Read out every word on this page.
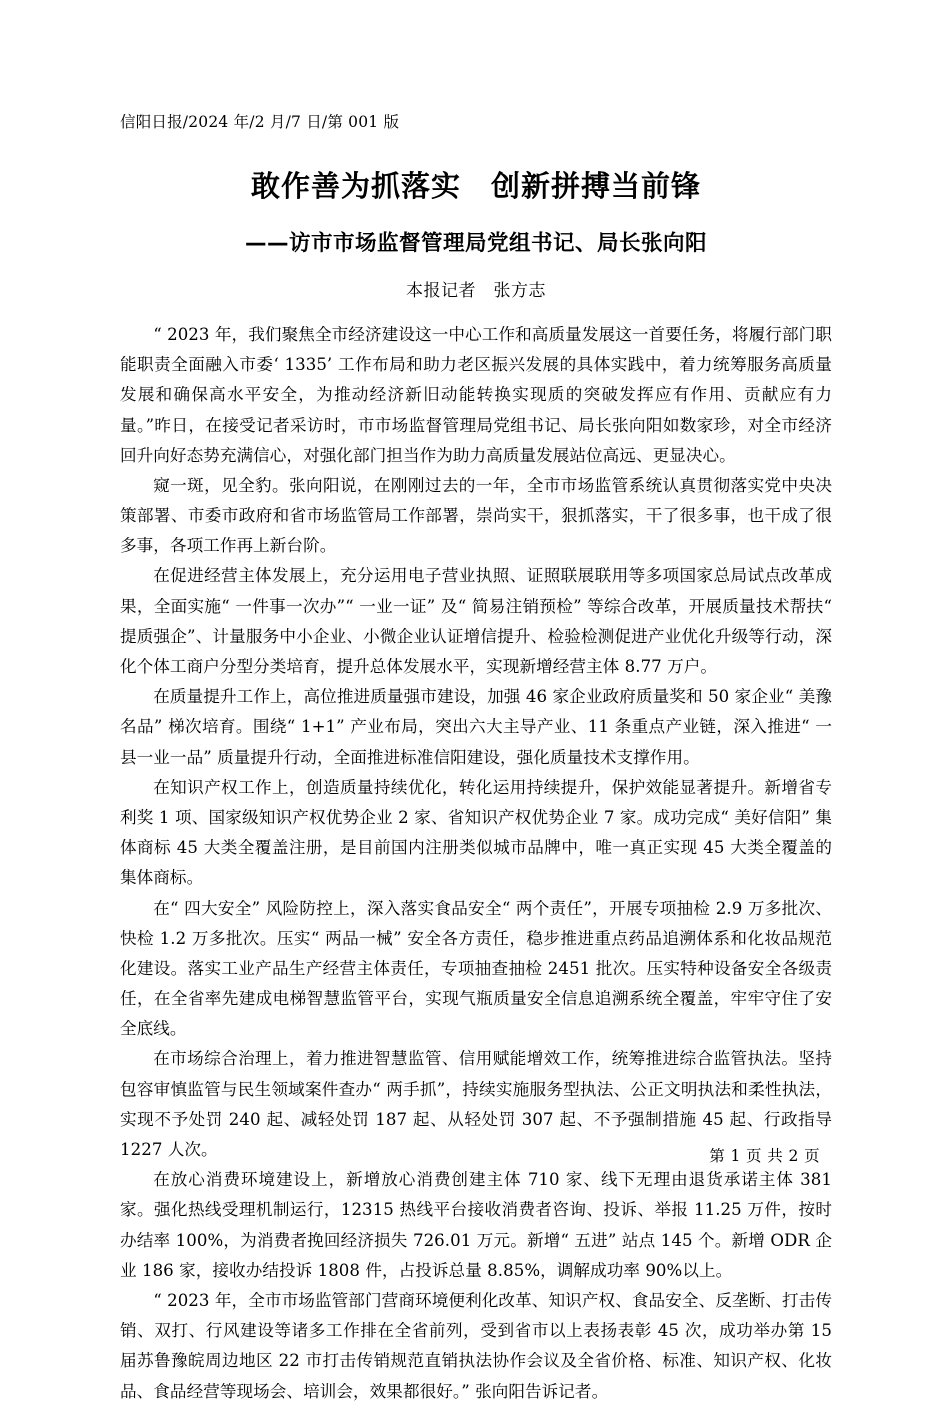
信阳日报/2024 年/2 月/7 日/第 001 版
敢作善为抓落实　创新拼搏当前锋
——访市市场监督管理局党组书记、局长张向阳
本报记者　张方志

“ 2023 年，我们聚焦全市经济建设这一中心工作和高质量发展这一首要任务，将履行部门职能职责全面融入市委‘ 1335’ 工作布局和助力老区振兴发展的具体实践中，着力统筹服务高质量发展和确保高水平安全，为推动经济新旧动能转换实现质的突破发挥应有作用、贡献应有力量。”昨日，在接受记者采访时，市市场监督管理局党组书记、局长张向阳如数家珍，对全市经济回升向好态势充满信心，对强化部门担当作为助力高质量发展站位高远、更显决心。

窥一斑，见全豹。张向阳说，在刚刚过去的一年，全市市场监管系统认真贯彻落实党中央决策部署、市委市政府和省市场监管局工作部署，崇尚实干，狠抓落实，干了很多事，也干成了很多事，各项工作再上新台阶。

在促进经营主体发展上，充分运用电子营业执照、证照联展联用等多项国家总局试点改革成果，全面实施“ 一件事一次办”“ 一业一证” 及“ 简易注销预检” 等综合改革，开展质量技术帮扶“ 提质强企”、计量服务中小企业、小微企业认证增信提升、检验检测促进产业优化升级等行动，深化个体工商户分型分类培育，提升总体发展水平，实现新增经营主体 8.77 万户。

在质量提升工作上，高位推进质量强市建设，加强 46 家企业政府质量奖和 50 家企业“ 美豫名品” 梯次培育。围绕“ 1+1” 产业布局，突出六大主导产业、11 条重点产业链，深入推进“ 一县一业一品” 质量提升行动，全面推进标准信阳建设，强化质量技术支撑作用。

在知识产权工作上，创造质量持续优化，转化运用持续提升，保护效能显著提升。新增省专利奖 1 项、国家级知识产权优势企业 2 家、省知识产权优势企业 7 家。成功完成“ 美好信阳” 集体商标 45 大类全覆盖注册，是目前国内注册类似城市品牌中，唯一真正实现 45 大类全覆盖的集体商标。

在“ 四大安全” 风险防控上，深入落实食品安全“ 两个责任”，开展专项抽检 2.9 万多批次、快检 1.2 万多批次。压实“ 两品一械” 安全各方责任，稳步推进重点药品追溯体系和化妆品规范化建设。落实工业产品生产经营主体责任，专项抽查抽检 2451 批次。压实特种设备安全各级责任，在全省率先建成电梯智慧监管平台，实现气瓶质量安全信息追溯系统全覆盖，牢牢守住了安全底线。

在市场综合治理上，着力推进智慧监管、信用赋能增效工作，统筹推进综合监管执法。坚持包容审慎监管与民生领域案件查办“ 两手抓”，持续实施服务型执法、公正文明执法和柔性执法，实现不予处罚 240 起、减轻处罚 187 起、从轻处罚 307 起、不予强制措施 45 起、行政指导 1227 人次。

在放心消费环境建设上，新增放心消费创建主体 710 家、线下无理由退货承诺主体 381 家。强化热线受理机制运行，12315 热线平台接收消费者咨询、投诉、举报 11.25 万件，按时办结率 100%，为消费者挽回经济损失 726.01 万元。新增“ 五进” 站点 145 个。新增 ODR 企业 186 家，接收办结投诉 1808 件，占投诉总量 8.85%，调解成功率 90%以上。

“ 2023 年，全市市场监管部门营商环境便利化改革、知识产权、食品安全、反垄断、打击传销、双打、行风建设等诸多工作排在全省前列，受到省市以上表扬表彰 45 次，成功举办第 15 届苏鲁豫皖周边地区 22 市打击传销规范直销执法协作会议及全省价格、标准、知识产权、化妆品、食品经营等现场会、培训会，效果都很好。” 张向阳告诉记者。

第 1 页 共 2 页
